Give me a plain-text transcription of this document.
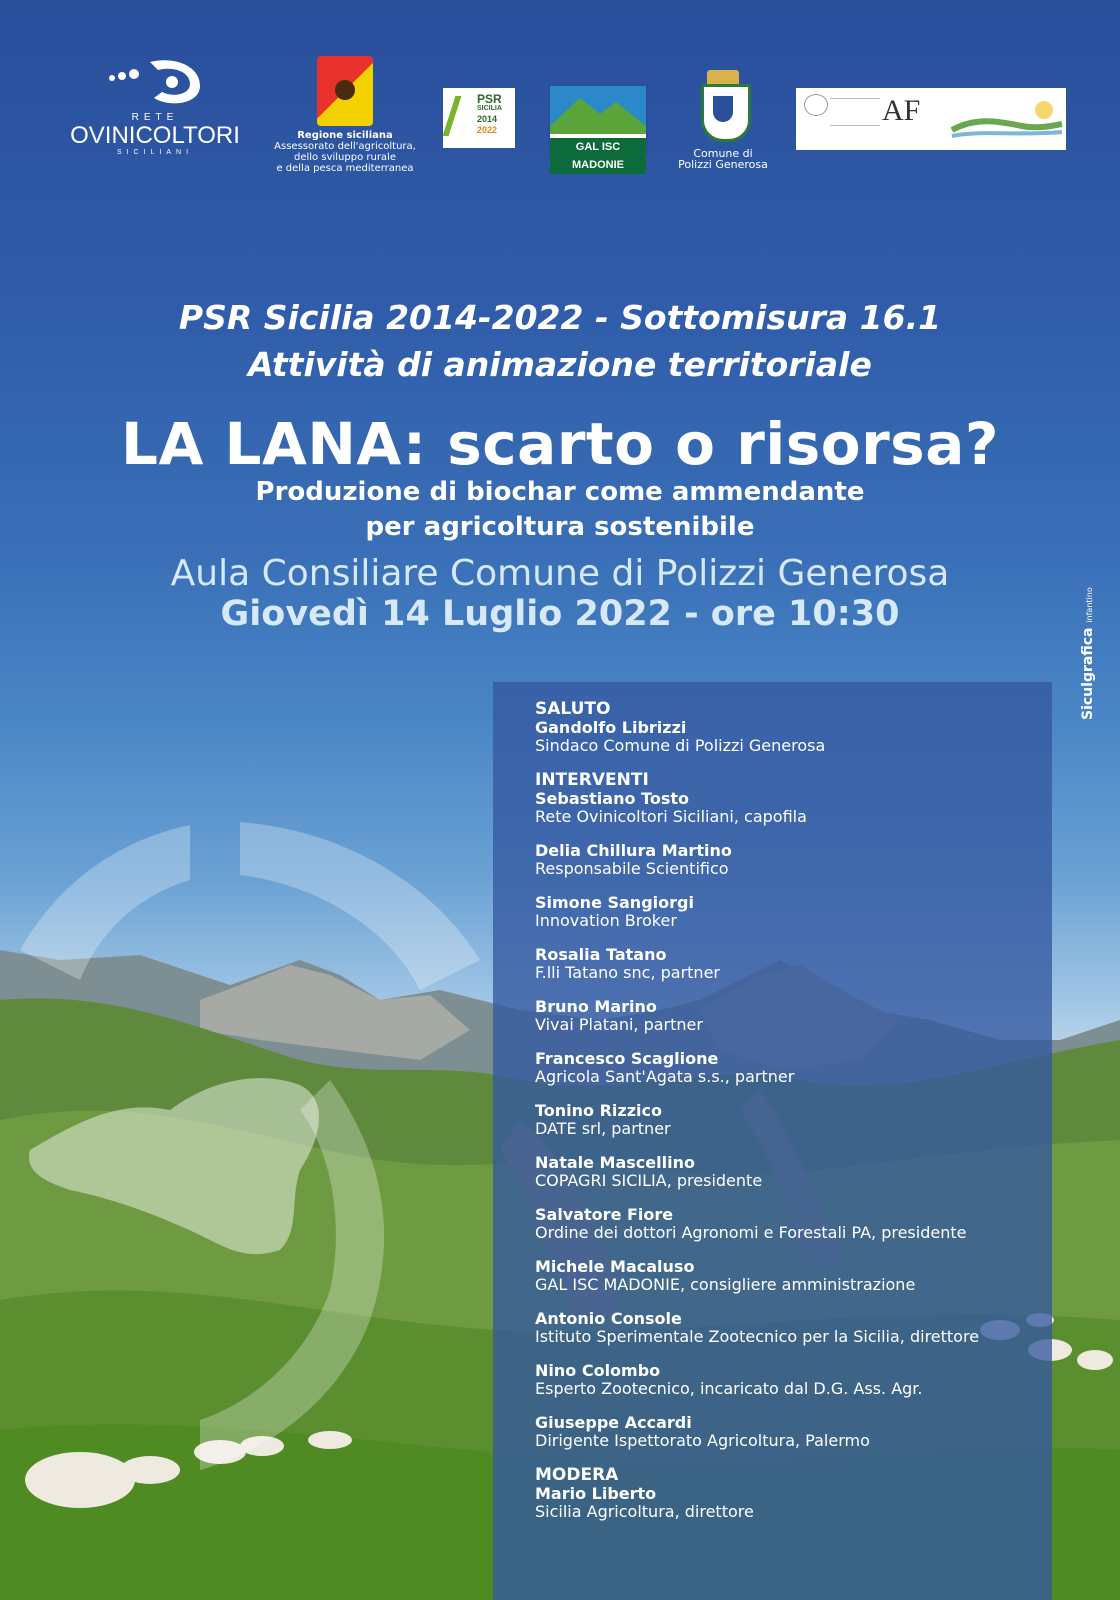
RETE
OVINICOLTORI
SICILIANI
Regione siciliana
Assessorato dell'agricoltura,
dello sviluppo rurale
e della pesca mediterranea
PSR
SICILIA
2014
2022
GAL ISC MADONIE
Comune di
Polizzi Generosa
AF
PSR Sicilia 2014-2022 - Sottomisura 16.1
Attività di animazione territoriale
LA LANA: scarto o risorsa?
Produzione di biochar come ammendante
per agricoltura sostenibile
Aula Consiliare Comune di Polizzi Generosa
Giovedì 14 Luglio 2022 - ore 10:30
SALUTO
Gandolfo Librizzi
Sindaco Comune di Polizzi Generosa
INTERVENTI
Sebastiano Tosto
Rete Ovinicoltori Siciliani, capofila
Delia Chillura Martino
Responsabile Scientifico
Simone Sangiorgi
Innovation Broker
Rosalia Tatano
F.lli Tatano snc, partner
Bruno Marino
Vivai Platani, partner
Francesco Scaglione
Agricola Sant'Agata s.s., partner
Tonino Rizzico
DATE srl, partner
Natale Mascellino
COPAGRI SICILIA, presidente
Salvatore Fiore
Ordine dei dottori Agronomi e Forestali PA, presidente
Michele Macaluso
GAL ISC MADONIE, consigliere amministrazione
Antonio Console
Istituto Sperimentale Zootecnico per la Sicilia, direttore
Nino Colombo
Esperto Zootecnico, incaricato dal D.G. Ass. Agr.
Giuseppe Accardi
Dirigente Ispettorato Agricoltura, Palermo
MODERA
Mario Liberto
Sicilia Agricoltura, direttore
Siculgrafica infantino
